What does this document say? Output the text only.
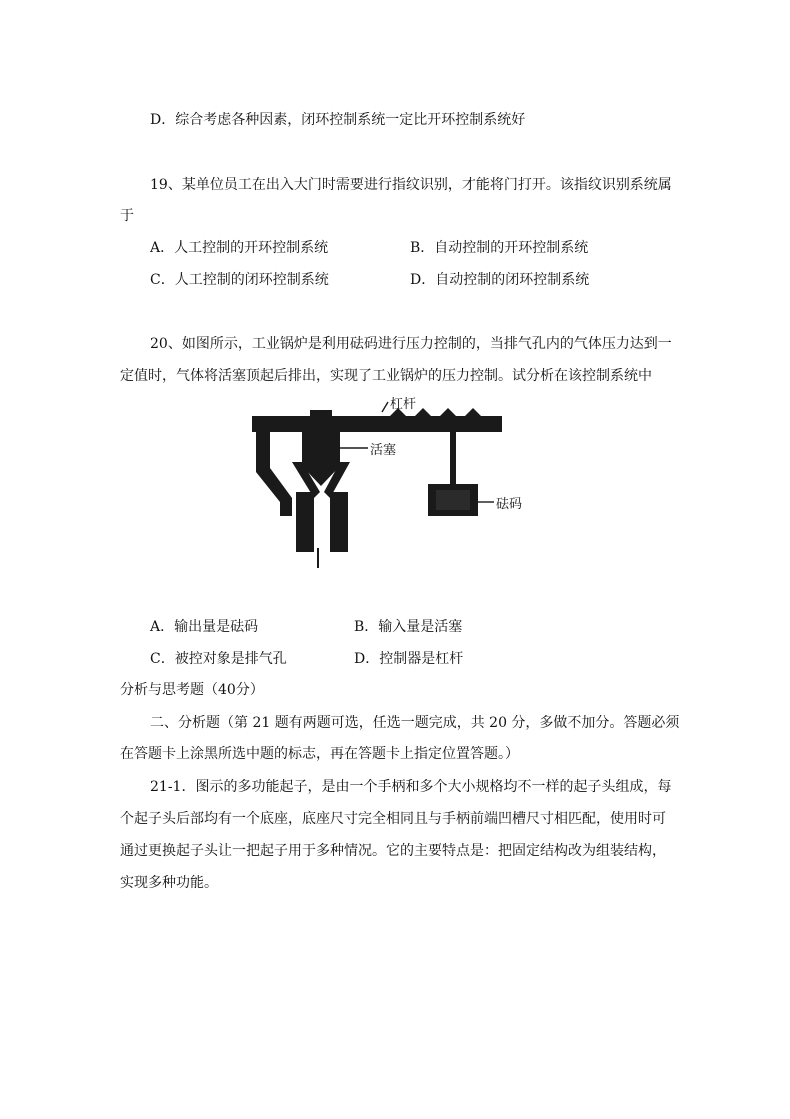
D．综合考虑各种因素，闭环控制系统一定比开环控制系统好
19、某单位员工在出入大门时需要进行指纹识别，才能将门打开。该指纹识别系统属
于
A．人工控制的开环控制系统	B．自动控制的开环控制系统
C．人工控制的闭环控制系统	D．自动控制的闭环控制系统
20、如图所示，工业锅炉是利用砝码进行压力控制的，当排气孔内的气体压力达到一
定值时，气体将活塞顶起后排出，实现了工业锅炉的压力控制。试分析在该控制系统中
杠杆
活塞
砝码
A．输出量是砝码	B．输入量是活塞
C．被控对象是排气孔	D．控制器是杠杆
分析与思考题（40分）
二、分析题（第 21 题有两题可选，任选一题完成，共 20 分，多做不加分。答题必须
在答题卡上涂黑所选中题的标志，再在答题卡上指定位置答题。）
21-1．图示的多功能起子，是由一个手柄和多个大小规格均不一样的起子头组成，每
个起子头后部均有一个底座，底座尺寸完全相同且与手柄前端凹槽尺寸相匹配，使用时可
通过更换起子头让一把起子用于多种情况。它的主要特点是：把固定结构改为组装结构，
实现多种功能。
